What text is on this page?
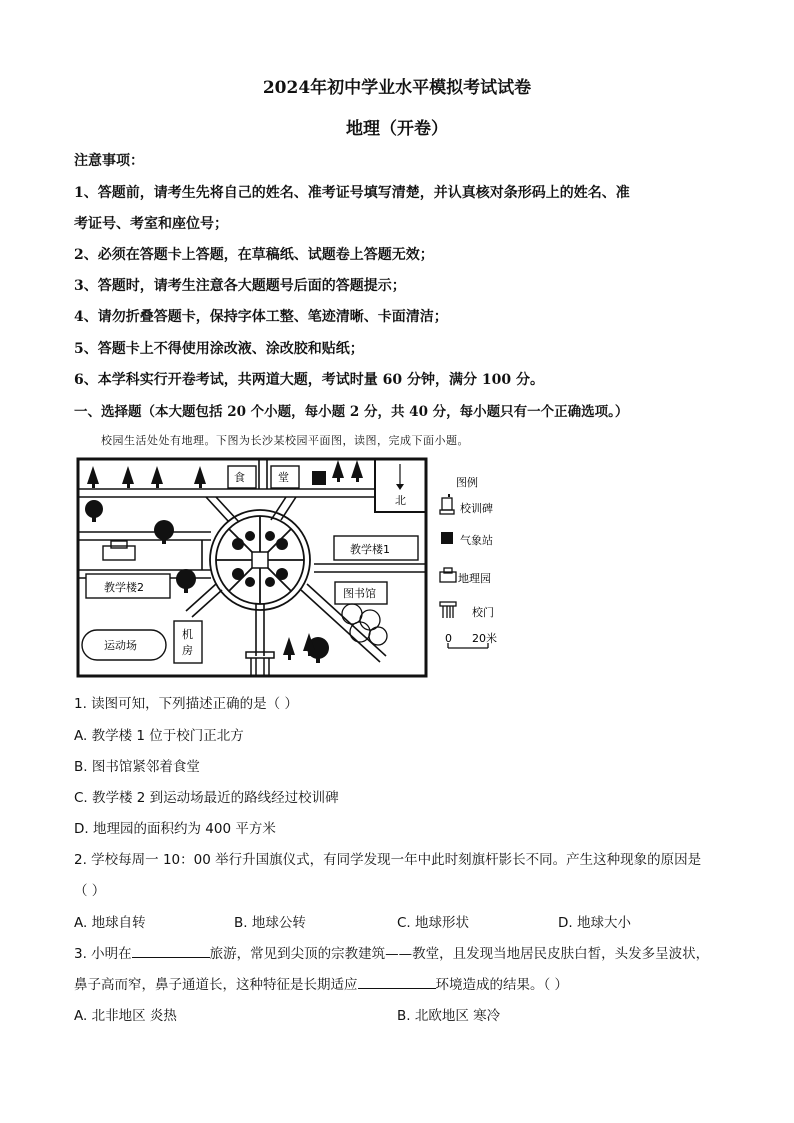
2024年初中学业水平模拟考试试卷
地理（开卷）
注意事项：
1、答题前，请考生先将自己的姓名、准考证号填写清楚，并认真核对条形码上的姓名、准
考证号、考室和座位号；
2、必须在答题卡上答题，在草稿纸、试题卷上答题无效；
3、答题时，请考生注意各大题题号后面的答题提示；
4、请勿折叠答题卡，保持字体工整、笔迹清晰、卡面清洁；
5、答题卡上不得使用涂改液、涂改胶和贴纸；
6、本学科实行开卷考试，共两道大题，考试时量 60 分钟，满分 100 分。
一、选择题（本大题包括 20 个小题，每小题 2 分，共 40 分，每小题只有一个正确选项。）
校园生活处处有地理。下图为长沙某校园平面图，读图，完成下面小题。
食	堂
北
教学楼1
教学楼2	图书馆
运动场
机
房
图例
校训碑
气象站
地理园
校门
0 20米
1. 读图可知，下列描述正确的是（ ）
A. 教学楼 1 位于校门正北方
B. 图书馆紧邻着食堂
C. 教学楼 2 到运动场最近的路线经过校训碑
D. 地理园的面积约为 400 平方米
2. 学校每周一 10：00 举行升国旗仪式，有同学发现一年中此时刻旗杆影长不同。产生这种现象的原因是
（ ）
A. 地球自转	B. 地球公转	C. 地球形状	D. 地球大小
3. 小明在	旅游，常见到尖顶的宗教建筑——教堂，且发现当地居民皮肤白皙，头发多呈波状，
鼻子高而窄，鼻子通道长，这种特征是长期适应	环境造成的结果。（ ）
A. 北非地区 炎热	B. 北欧地区 寒冷
